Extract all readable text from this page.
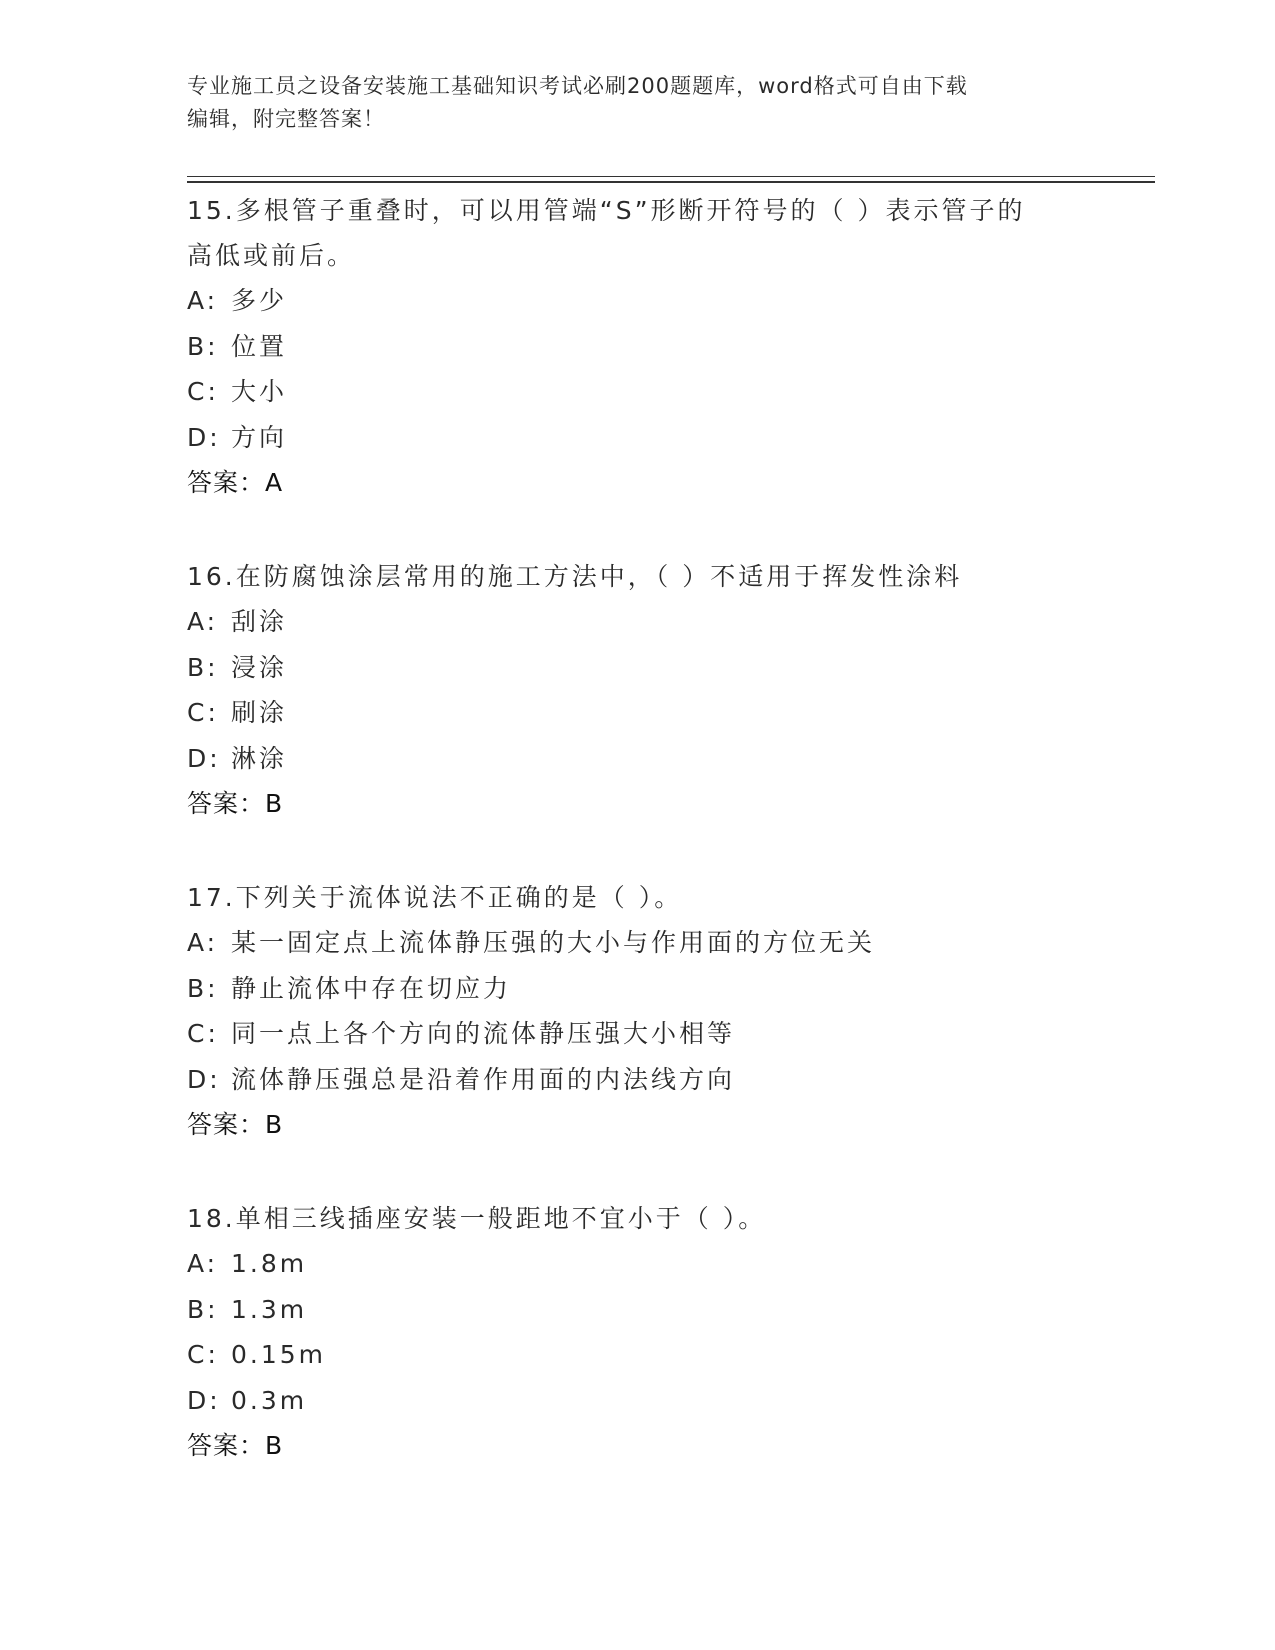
专业施工员之设备安装施工基础知识考试必刷200题题库，word格式可自由下载
编辑，附完整答案！
15.多根管子重叠时，可以用管端“S”形断开符号的（ ）表示管子的
高低或前后。
A: 多少
B: 位置
C: 大小
D: 方向
答案：A
16.在防腐蚀涂层常用的施工方法中，（ ）不适用于挥发性涂料
A: 刮涂
B: 浸涂
C: 刷涂
D: 淋涂
答案：B
17.下列关于流体说法不正确的是（ ）。
A: 某一固定点上流体静压强的大小与作用面的方位无关
B: 静止流体中存在切应力
C: 同一点上各个方向的流体静压强大小相等
D: 流体静压强总是沿着作用面的内法线方向
答案：B
18.单相三线插座安装一般距地不宜小于（ ）。
A: 1.8m
B: 1.3m
C: 0.15m
D: 0.3m
答案：B
